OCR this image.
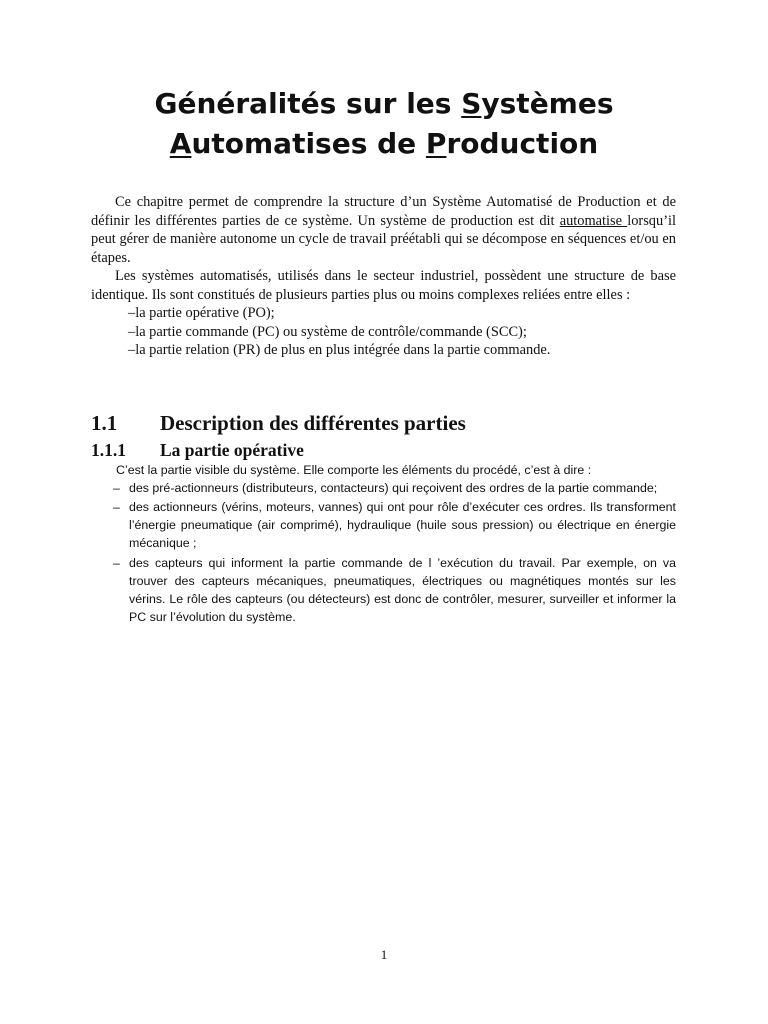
Généralités sur les Systèmes
Automatises de Production

Ce chapitre permet de comprendre la structure d’un Système Automatisé de Production et de définir les différentes parties de ce système. Un système de production est dit automatise lorsqu’il peut gérer de manière autonome un cycle de travail préétabli qui se décompose en séquences et/ou en étapes.

Les systèmes automatisés, utilisés dans le secteur industriel, possèdent une structure de base identique. Ils sont constitués de plusieurs parties plus ou moins complexes reliées entre elles :

–la partie opérative (PO);
–la partie commande (PC) ou système de contrôle/commande (SCC);
–la partie relation (PR) de plus en plus intégrée dans la partie commande.
1.1	Description des différentes parties
1.1.1	La partie opérative

C’est la partie visible du système. Elle comporte les éléments du procédé, c’est à dire :

– des pré-actionneurs (distributeurs, contacteurs) qui reçoivent des ordres de la partie commande;
– des actionneurs (vérins, moteurs, vannes) qui ont pour rôle d’exécuter ces ordres. Ils transforment l’énergie pneumatique (air comprimé), hydraulique (huile sous pression) ou électrique en énergie mécanique ;
– des capteurs qui informent la partie commande de l ’exécution du travail. Par exemple, on va trouver des capteurs mécaniques, pneumatiques, électriques ou magnétiques montés sur les vérins. Le rôle des capteurs (ou détecteurs) est donc de contrôler, mesurer, surveiller et informer la PC sur l’évolution du système.
1
